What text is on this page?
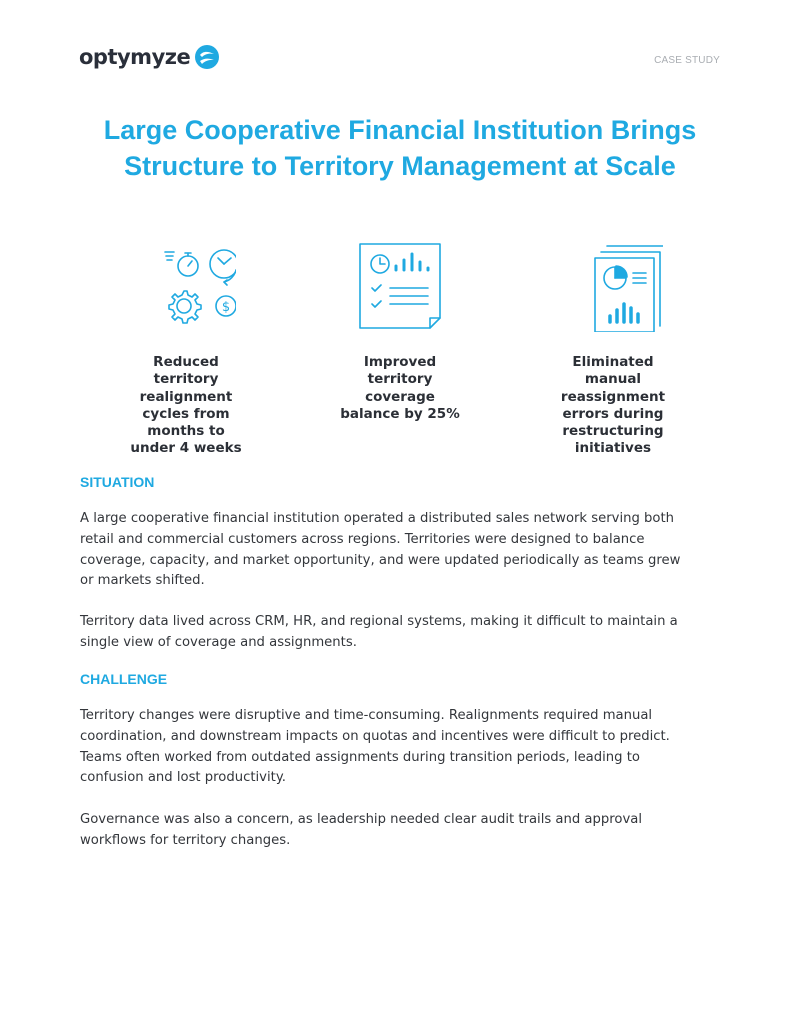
optymyze	CASE STUDY
Large Cooperative Financial Institution Brings Structure to Territory Management at Scale
$
Reduced territory realignment cycles from months to under 4 weeks
Improved territory coverage balance by 25%
Eliminated manual reassignment errors during restructuring initiatives
SITUATION

A large cooperative financial institution operated a distributed sales network serving both retail and commercial customers across regions. Territories were designed to balance coverage, capacity, and market opportunity, and were updated periodically as teams grew or markets shifted.

Territory data lived across CRM, HR, and regional systems, making it difficult to maintain a single view of coverage and assignments.

CHALLENGE

Territory changes were disruptive and time-consuming. Realignments required manual coordination, and downstream impacts on quotas and incentives were difficult to predict. Teams often worked from outdated assignments during transition periods, leading to confusion and lost productivity.

Governance was also a concern, as leadership needed clear audit trails and approval workflows for territory changes.
